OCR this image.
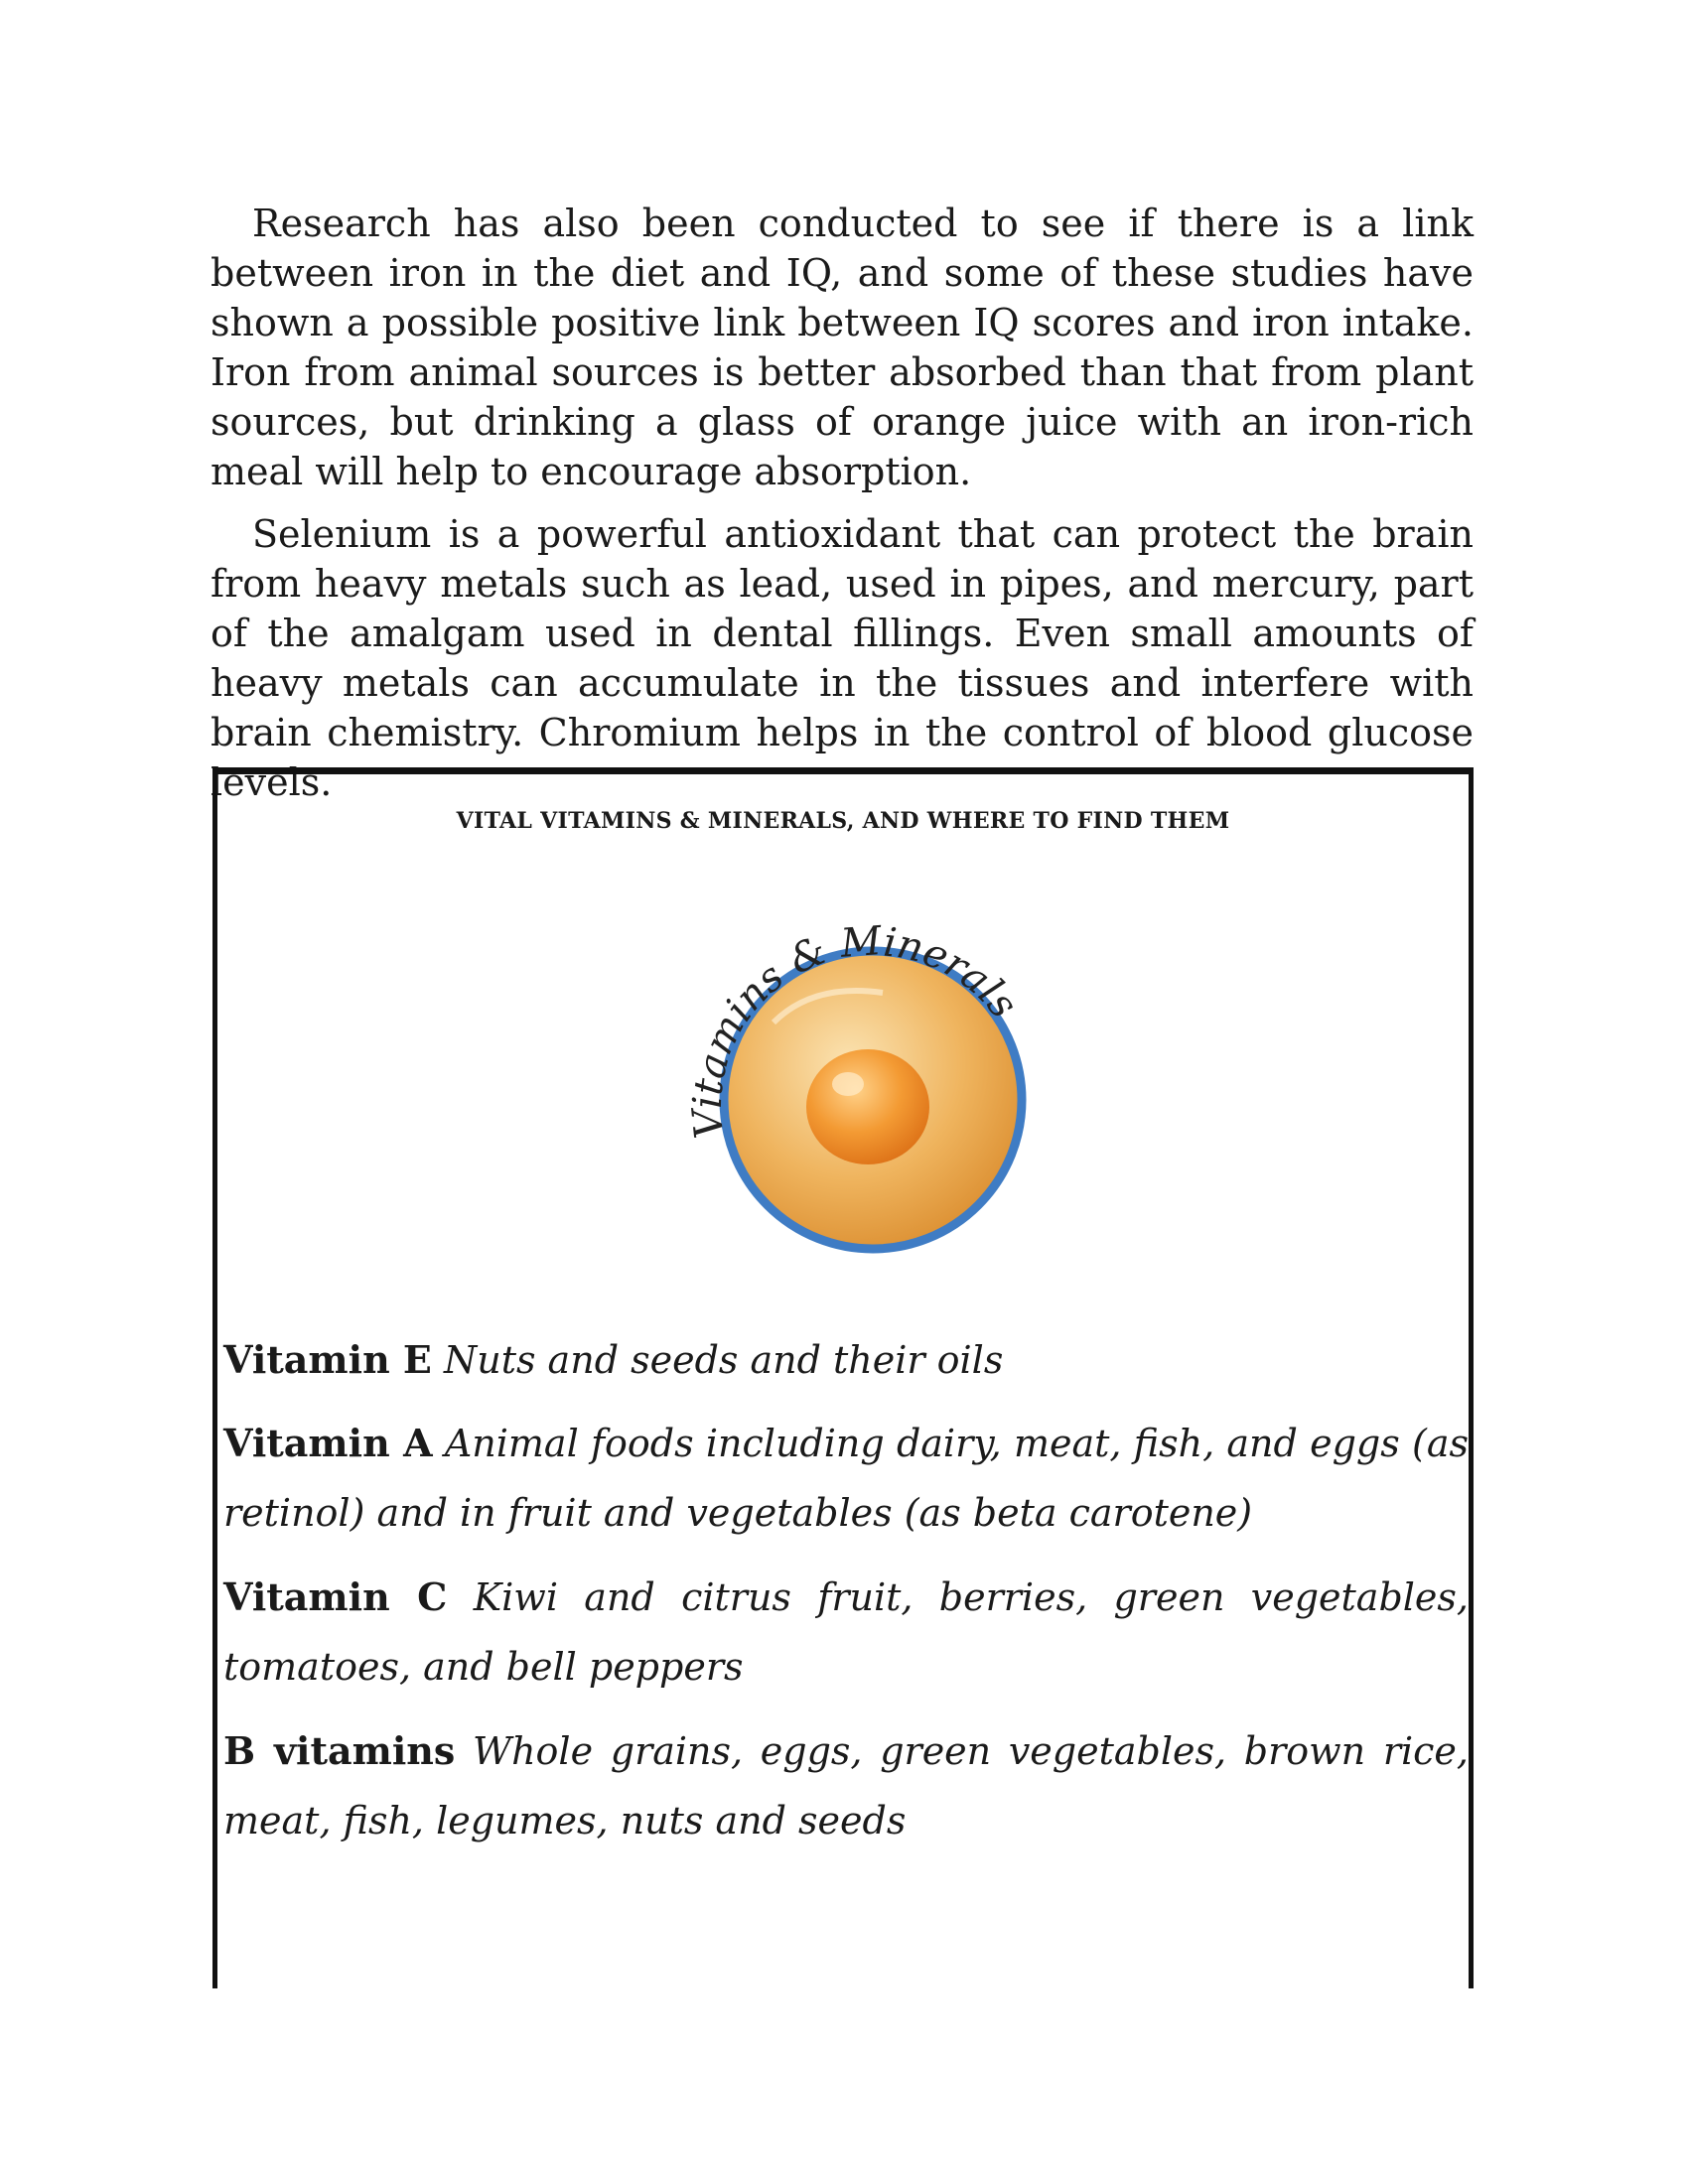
Research has also been conducted to see if there is a link between iron in the diet and IQ, and some of these studies have shown a possible positive link between IQ scores and iron intake. Iron from animal sources is better absorbed than that from plant sources, but drinking a glass of orange juice with an iron-rich meal will help to encourage absorption.

Selenium is a powerful antioxidant that can protect the brain from heavy metals such as lead, used in pipes, and mercury, part of the amalgam used in dental fillings. Even small amounts of heavy metals can accumulate in the tissues and interfere with brain chemistry. Chromium helps in the control of blood glucose levels.

VITAL VITAMINS & MINERALS, AND WHERE TO FIND THEM
Vitamins & Minerals

Vitamin E Nuts and seeds and their oils

Vitamin A Animal foods including dairy, meat, fish, and eggs (as retinol) and in fruit and vegetables (as beta carotene)

Vitamin C Kiwi and citrus fruit, berries, green vegetables, tomatoes, and bell peppers

B vitamins Whole grains, eggs, green vegetables, brown rice, meat, fish, legumes, nuts and seeds
